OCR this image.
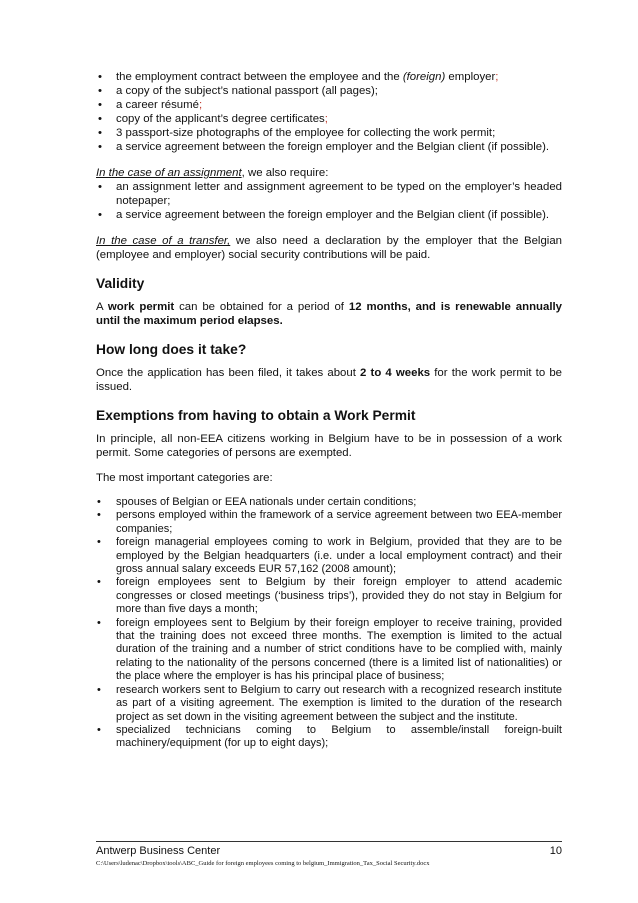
• the employment contract between the employee and the (foreign) employer;
• a copy of the subject’s national passport (all pages);
• a career résumé;
• copy of the applicant’s degree certificates;
• 3 passport-size photographs of the employee for collecting the work permit;
• a service agreement between the foreign employer and the Belgian client (if possible).

In the case of an assignment, we also require:

• an assignment letter and assignment agreement to be typed on the employer’s headed notepaper;
• a service agreement between the foreign employer and the Belgian client (if possible).

In the case of a transfer, we also need a declaration by the employer that the Belgian (employee and employer) social security contributions will be paid.

Validity

A work permit can be obtained for a period of 12 months, and is renewable annually until the maximum period elapses.

How long does it take?

Once the application has been filed, it takes about 2 to 4 weeks for the work permit to be issued.

Exemptions from having to obtain a Work Permit

In principle, all non-EEA citizens working in Belgium have to be in possession of a work permit. Some categories of persons are exempted.

The most important categories are:

• spouses of Belgian or EEA nationals under certain conditions;
• persons employed within the framework of a service agreement between two EEA-member companies;
• foreign managerial employees coming to work in Belgium, provided that they are to be employed by the Belgian headquarters (i.e. under a local employment contract) and their gross annual salary exceeds EUR 57,162 (2008 amount);
• foreign employees sent to Belgium by their foreign employer to attend academic congresses or closed meetings (‘business trips’), provided they do not stay in Belgium for more than five days a month;
• foreign employees sent to Belgium by their foreign employer to receive training, provided that the training does not exceed three months. The exemption is limited to the actual duration of the training and a number of strict conditions have to be complied with, mainly relating to the nationality of the persons concerned (there is a limited list of nationalities) or the place where the employer is has his principal place of business;
• research workers sent to Belgium to carry out research with a recognized research institute as part of a visiting agreement. The exemption is limited to the duration of the research project as set down in the visiting agreement between the subject and the institute.
• specialized technicians coming to Belgium to assemble/install foreign-built machinery/equipment (for up to eight days);
Antwerp Business Center	10
C:\Users\ludenac\Dropbox\tools\ABC_Guide for foreign employees coming to belgium_Immigration_Tax_Social Security.docx
